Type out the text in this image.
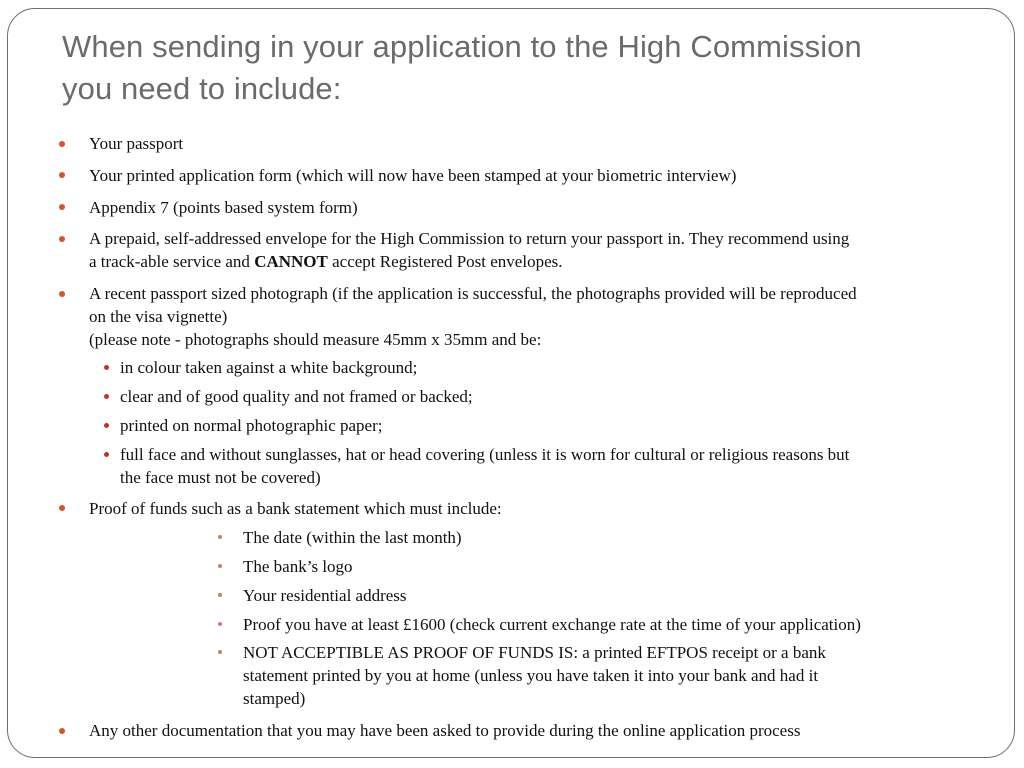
When sending in your application to the High Commission
you need to include:
Your passport
Your printed application form (which will now have been stamped at your biometric interview)
Appendix 7 (points based system form)
A prepaid, self-addressed envelope for the High Commission to return your passport in. They recommend using
a track-able service and CANNOT accept Registered Post envelopes.
A recent passport sized photograph (if the application is successful, the photographs provided will be reproduced
on the visa vignette)
(please note - photographs should measure 45mm x 35mm and be:
in colour taken against a white background;
clear and of good quality and not framed or backed;
printed on normal photographic paper;
full face and without sunglasses, hat or head covering (unless it is worn for cultural or religious reasons but
the face must not be covered)
Proof of funds such as a bank statement which must include:
The date (within the last month)
The bank’s logo
Your residential address
Proof you have at least £1600 (check current exchange rate at the time of your application)
NOT ACCEPTIBLE AS PROOF OF FUNDS IS: a printed EFTPOS receipt or a bank
statement printed by you at home (unless you have taken it into your bank and had it
stamped)
Any other documentation that you may have been asked to provide during the online application process
